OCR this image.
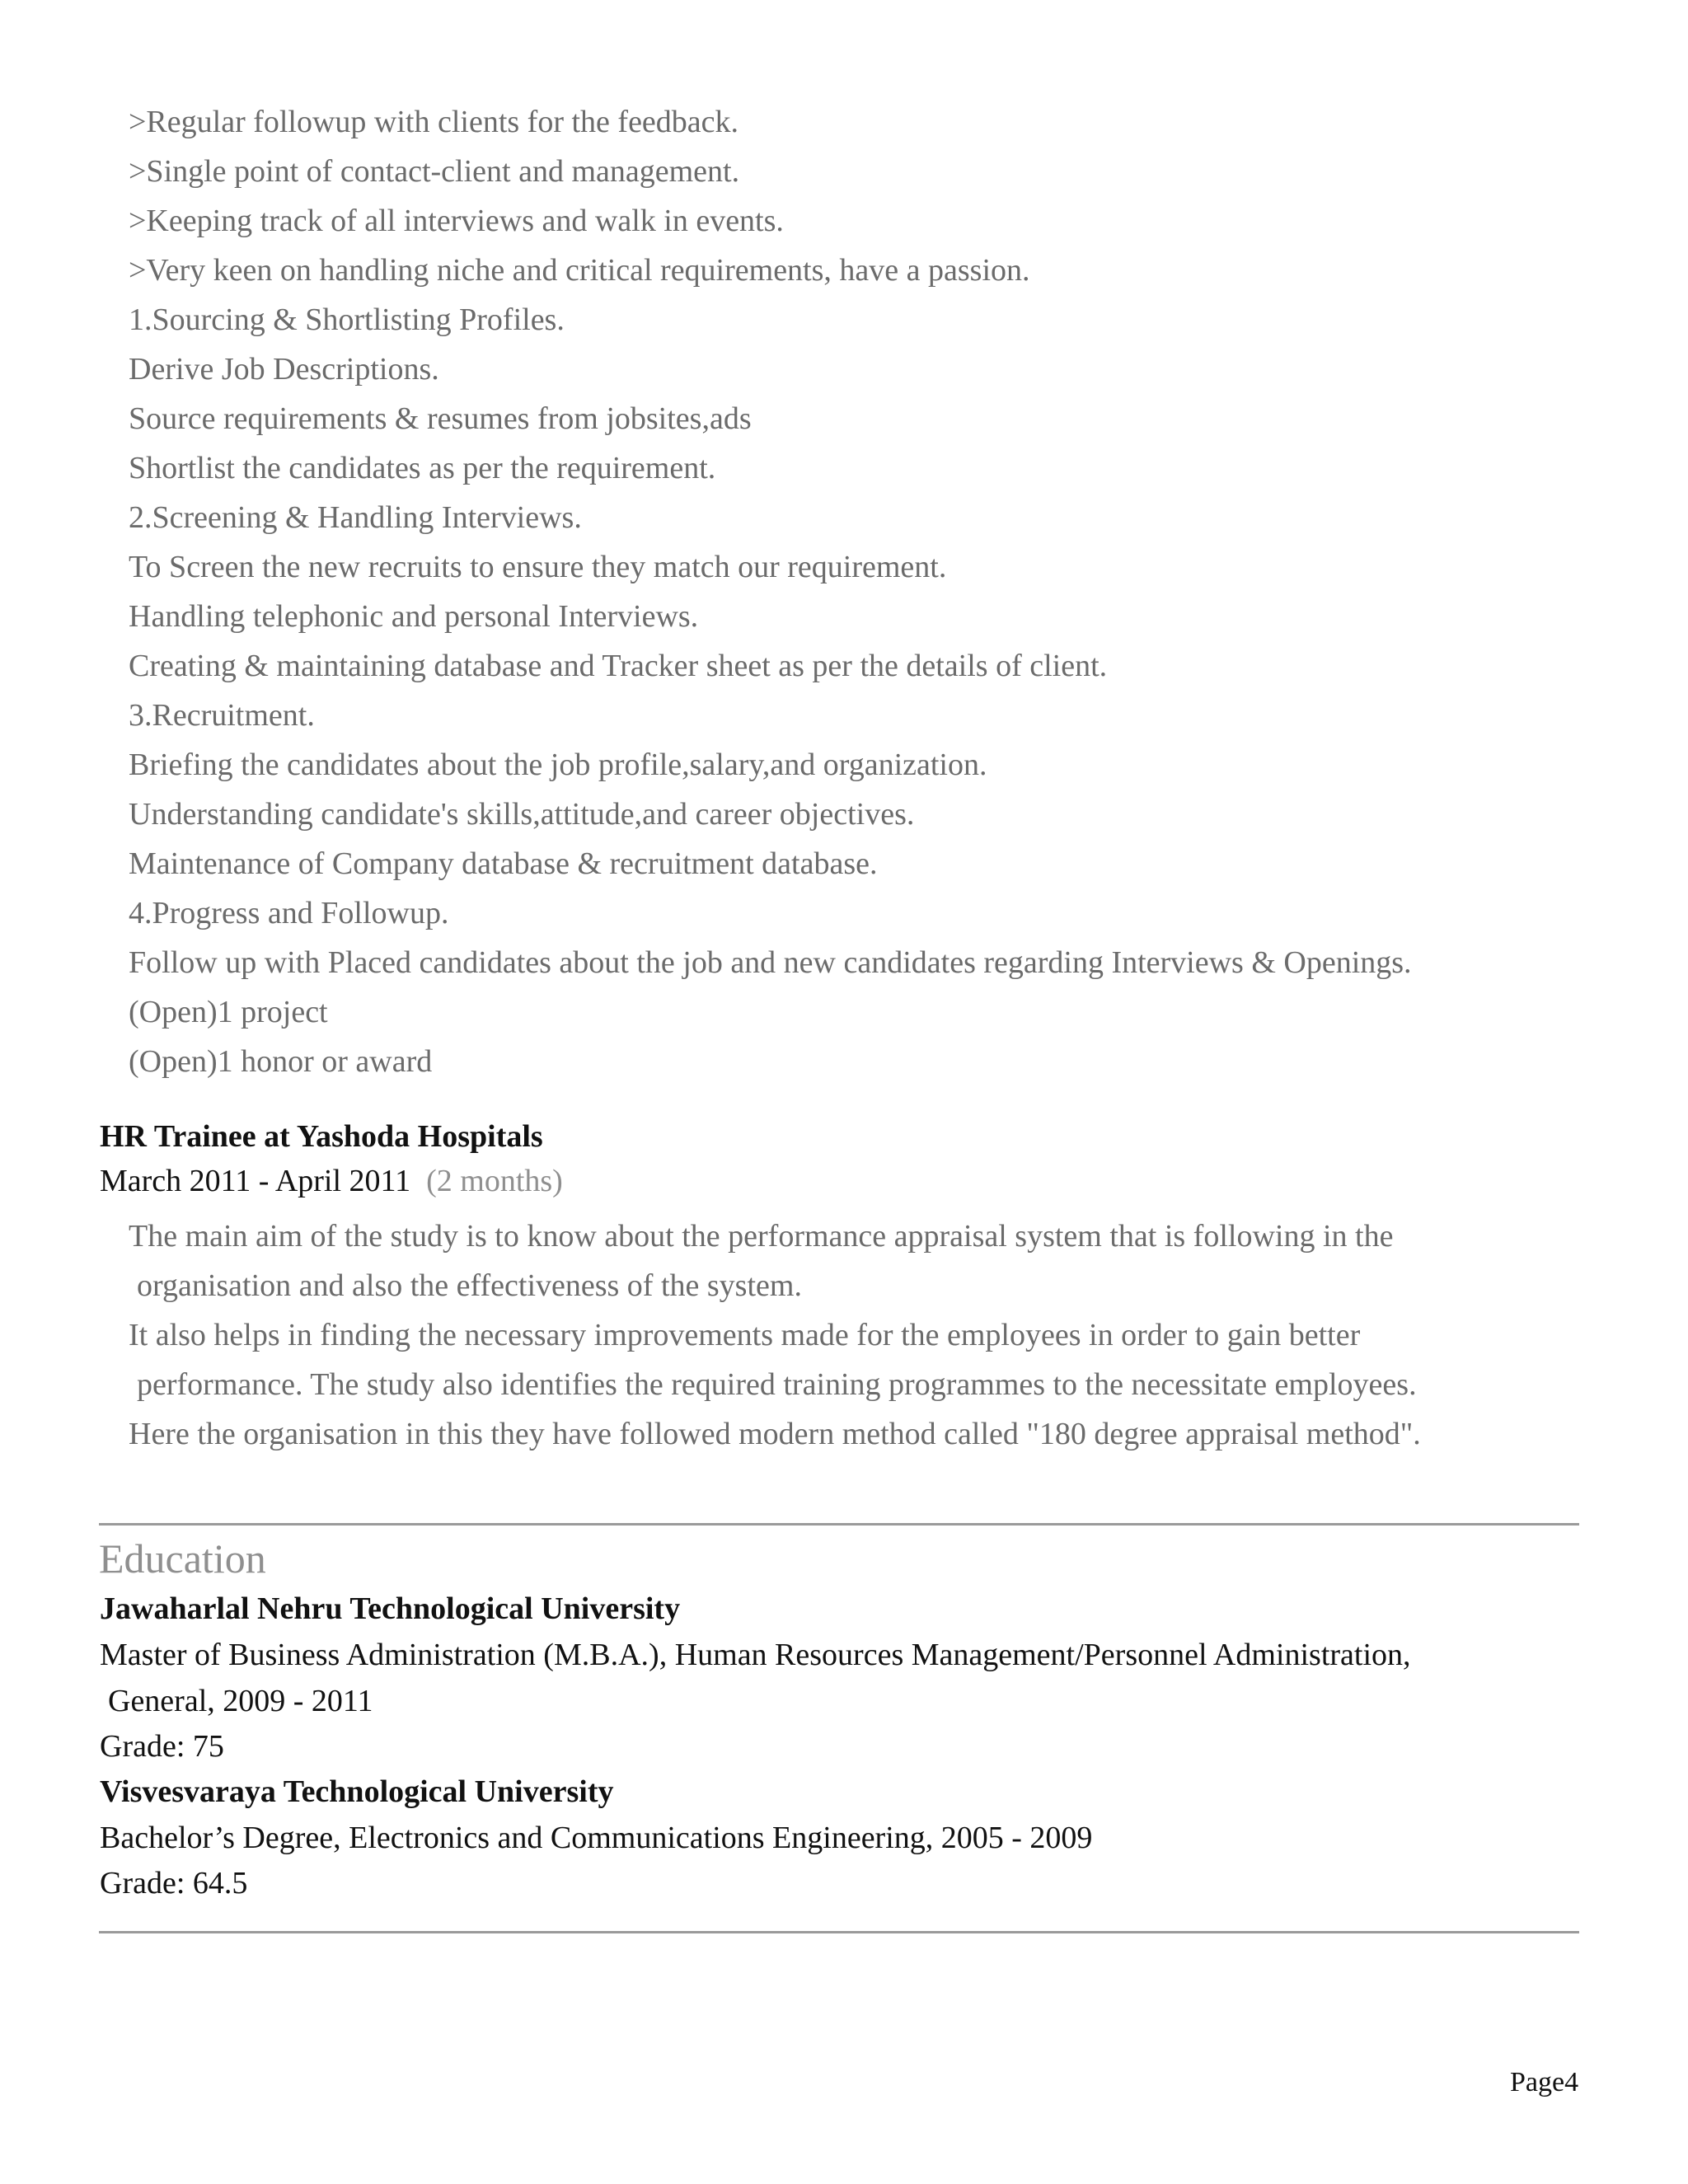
>Regular followup with clients for the feedback.
>Single point of contact-client and management.
>Keeping track of all interviews and walk in events.
>Very keen on handling niche and critical requirements, have a passion.
1.Sourcing & Shortlisting Profiles.
Derive Job Descriptions.
Source requirements & resumes from jobsites,ads
Shortlist the candidates as per the requirement.
2.Screening & Handling Interviews.
To Screen the new recruits to ensure they match our requirement.
Handling telephonic and personal Interviews.
Creating & maintaining database and Tracker sheet as per the details of client.
3.Recruitment.
Briefing the candidates about the job profile,salary,and organization.
Understanding candidate's skills,attitude,and career objectives.
Maintenance of Company database & recruitment database.
4.Progress and Followup.
Follow up with Placed candidates about the job and new candidates regarding Interviews & Openings.
(Open)1 project
(Open)1 honor or award
HR Trainee at Yashoda Hospitals
March 2011 - April 2011 (2 months)
The main aim of the study is to know about the performance appraisal system that is following in the
organisation and also the effectiveness of the system.
It also helps in finding the necessary improvements made for the employees in order to gain better
performance. The study also identifies the required training programmes to the necessitate employees.
Here the organisation in this they have followed modern method called "180 degree appraisal method".
Education
Jawaharlal Nehru Technological University
Master of Business Administration (M.B.A.), Human Resources Management/Personnel Administration,
General, 2009 - 2011
Grade: 75
Visvesvaraya Technological University
Bachelor’s Degree, Electronics and Communications Engineering, 2005 - 2009
Grade: 64.5
Page4
